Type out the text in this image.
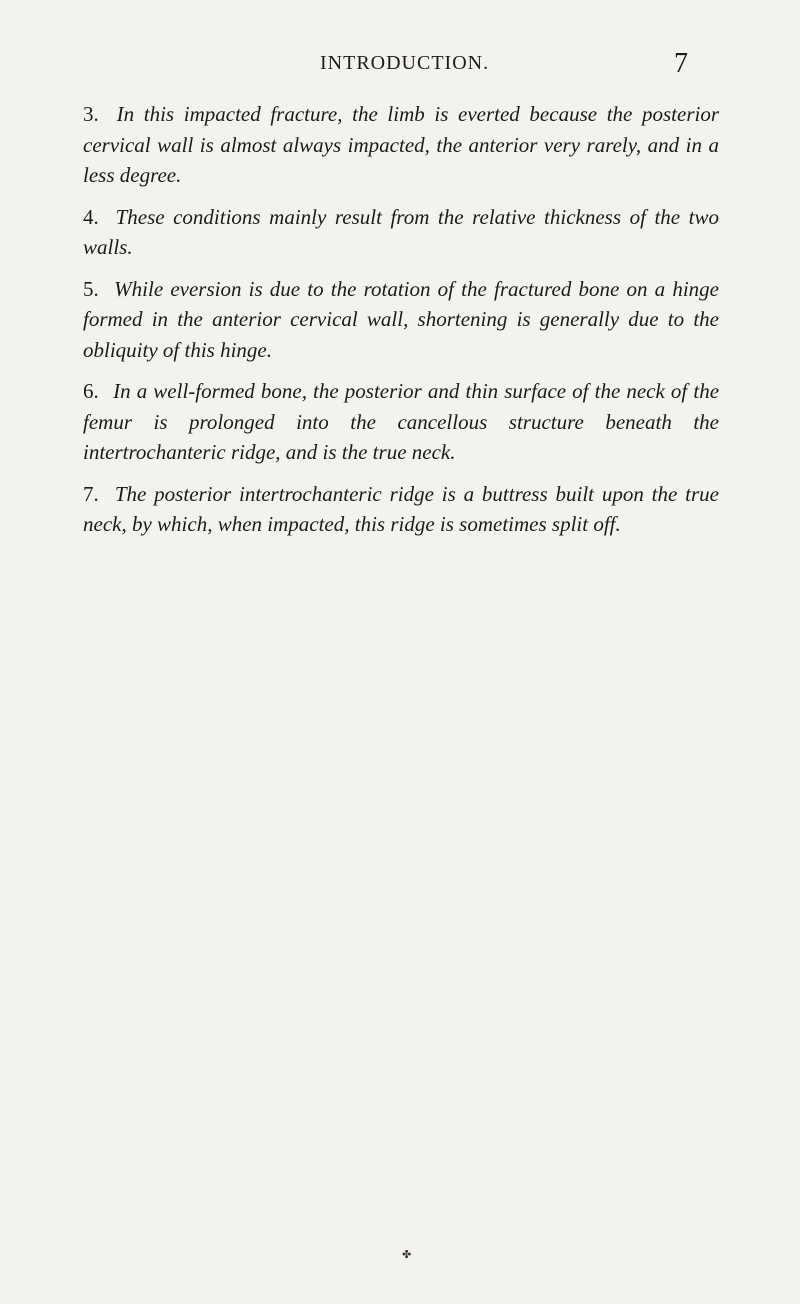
INTRODUCTION.	7

3. In this impacted fracture, the limb is everted because the posterior cervical wall is almost always impacted, the anterior very rarely, and in a less degree.

4. These conditions mainly result from the relative thickness of the two walls.

5. While eversion is due to the rotation of the fractured bone on a hinge formed in the anterior cervical wall, shortening is generally due to the obliquity of this hinge.

6. In a well-formed bone, the posterior and thin surface of the neck of the femur is prolonged into the cancellous structure beneath the intertrochanteric ridge, and is the true neck.

7. The posterior intertrochanteric ridge is a buttress built upon the true neck, by which, when impacted, this ridge is sometimes split off.

✤
